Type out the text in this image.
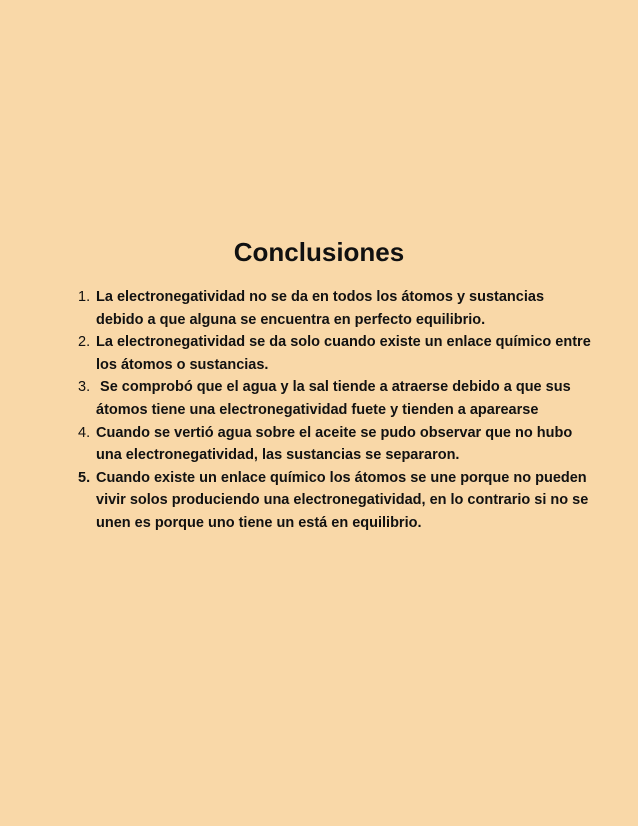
Conclusiones
1. La electronegatividad no se da en todos los átomos y sustancias debido a que alguna se encuentra en perfecto equilibrio.
2. La electronegatividad se da solo cuando existe un enlace químico entre los átomos o sustancias.
3. Se comprobó que el agua y la sal tiende a atraerse debido a que sus átomos tiene una electronegatividad fuete y tienden a aparearse
4. Cuando se vertió agua sobre el aceite se pudo observar que no hubo una electronegatividad, las sustancias se separaron.
5. Cuando existe un enlace químico los átomos se une porque no pueden vivir solos produciendo una electronegatividad, en lo contrario si no se unen es porque uno tiene un está en equilibrio.
